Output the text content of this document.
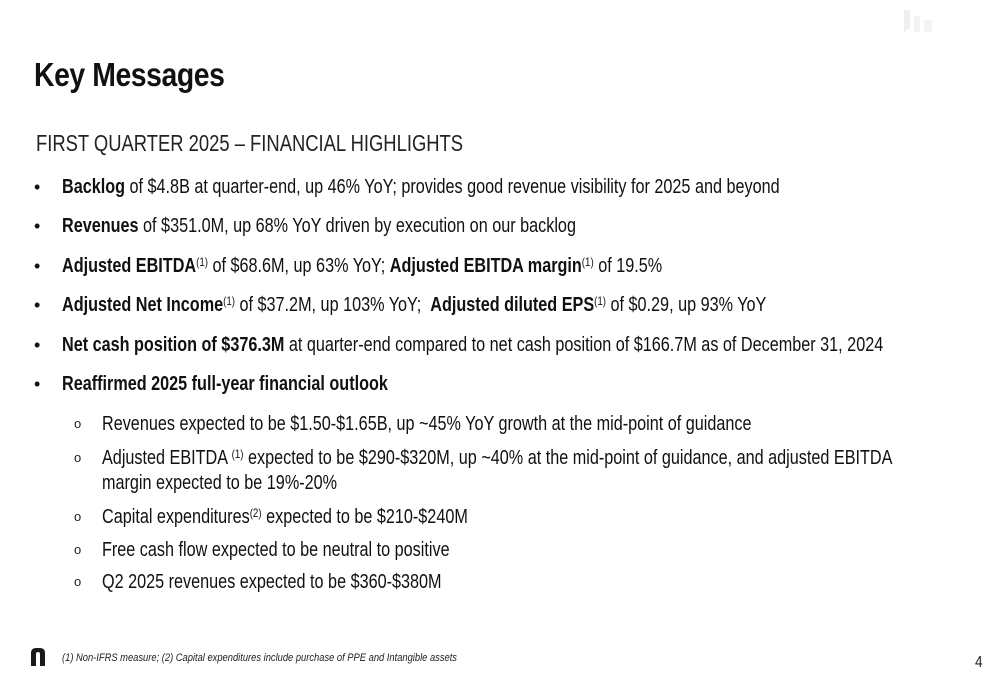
Key Messages
FIRST QUARTER 2025 – FINANCIAL HIGHLIGHTS
• Backlog of $4.8B at quarter-end, up 46% YoY; provides good revenue visibility for 2025 and beyond
• Revenues of $351.0M, up 68% YoY driven by execution on our backlog
• Adjusted EBITDA$^{(1)}$ of $68.6M, up 63% YoY; Adjusted EBITDA margin$^{(1)}$ of 19.5%
• Adjusted Net Income$^{(1)}$ of $37.2M, up 103% YoY;  Adjusted diluted EPS$^{(1)}$ of $0.29, up 93% YoY
• Net cash position of $376.3M at quarter-end compared to net cash position of $166.7M as of December 31, 2024
• Reaffirmed 2025 full-year financial outlook
o Revenues expected to be $1.50-$1.65B, up ~45% YoY growth at the mid-point of guidance
o Adjusted EBITDA $^{(1)}$ expected to be $290-$320M, up ~40% at the mid-point of guidance, and adjusted EBITDA
margin expected to be 19%-20%
o Capital expenditures$^{(2)}$ expected to be $210-$240M
o Free cash flow expected to be neutral to positive
o Q2 2025 revenues expected to be $360-$380M
(1) Non-IFRS measure; (2) Capital expenditures include purchase of PPE and Intangible assets	4
